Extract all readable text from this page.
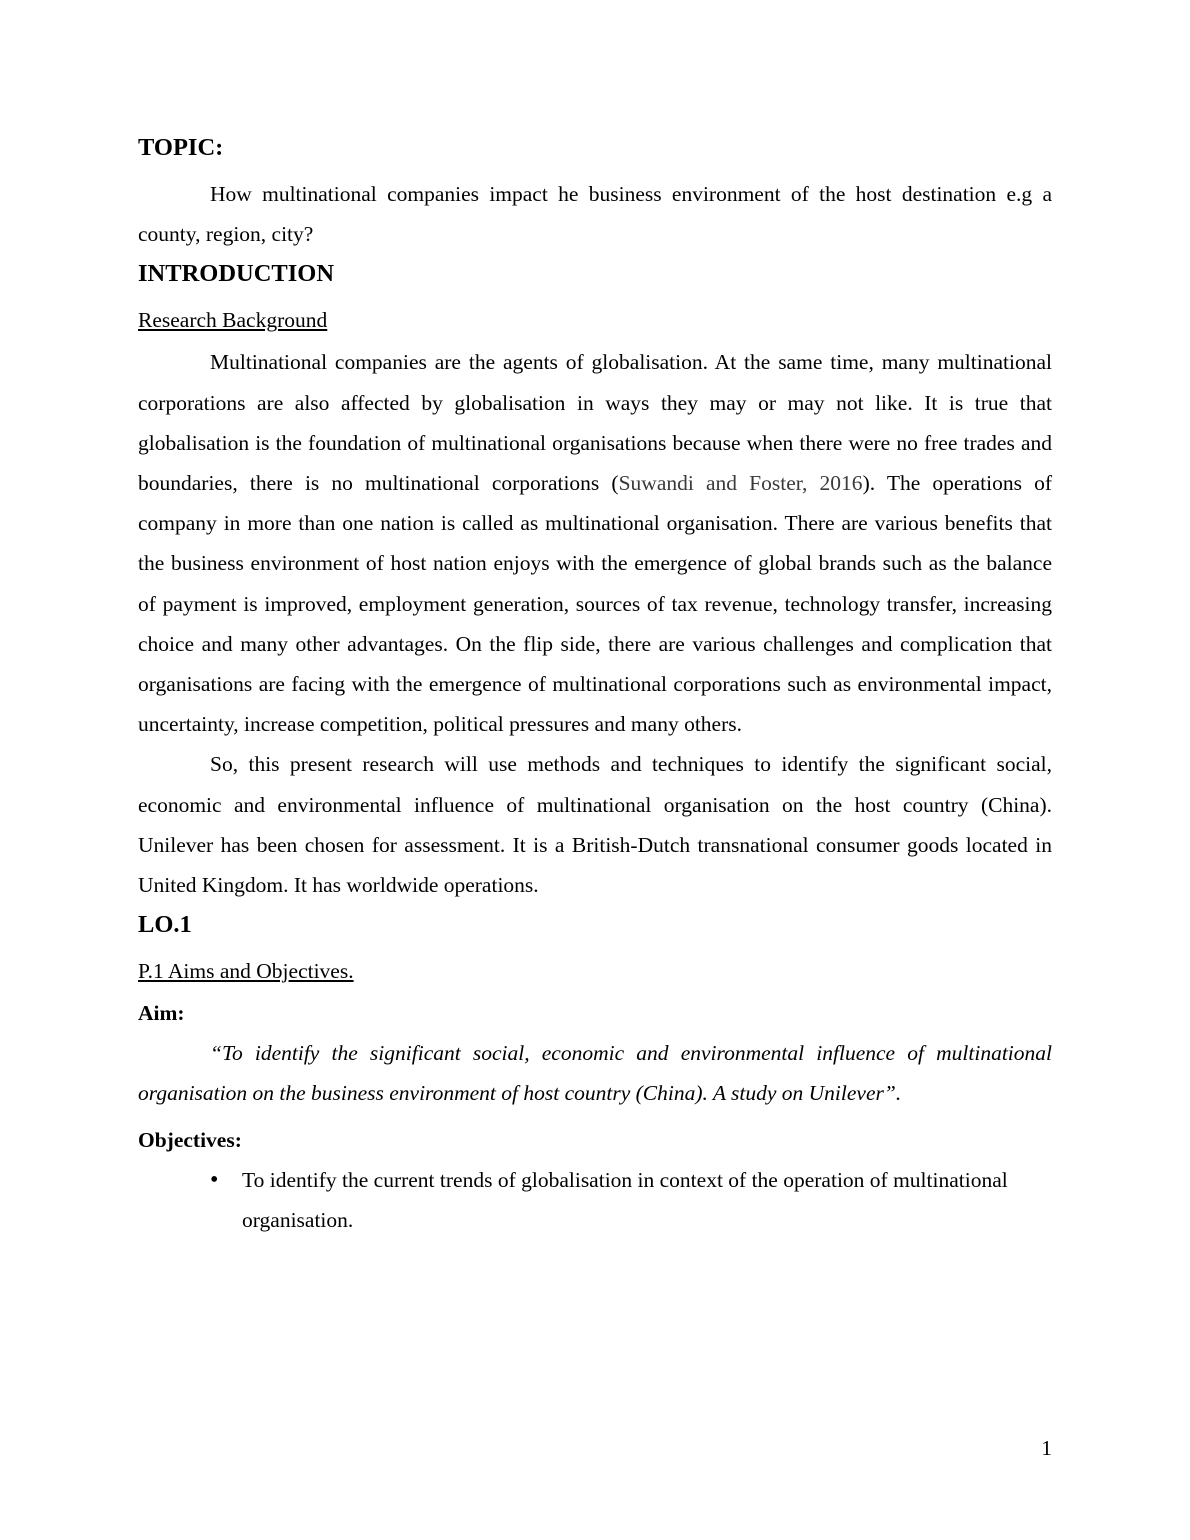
TOPIC:

How multinational companies impact he business environment of the host destination e.g a county, region, city?

INTRODUCTION
Research Background

Multinational companies are the agents of globalisation. At the same time, many multinational corporations are also affected by globalisation in ways they may or may not like. It is true that globalisation is the foundation of multinational organisations because when there were no free trades and boundaries, there is no multinational corporations (Suwandi and Foster, 2016). The operations of company in more than one nation is called as multinational organisation. There are various benefits that the business environment of host nation enjoys with the emergence of global brands such as the balance of payment is improved, employment generation, sources of tax revenue, technology transfer, increasing choice and many other advantages. On the flip side, there are various challenges and complication that organisations are facing with the emergence of multinational corporations such as environmental impact, uncertainty, increase competition, political pressures and many others.

So, this present research will use methods and techniques to identify the significant social, economic and environmental influence of multinational organisation on the host country (China). Unilever has been chosen for assessment. It is a British-Dutch transnational consumer goods located in United Kingdom. It has worldwide operations.

LO.1
P.1 Aims and Objectives.
Aim:

“To identify the significant social, economic and environmental influence of multinational organisation on the business environment of host country (China). A study on Unilever”.

Objectives:
• To identify the current trends of globalisation in context of the operation of multinational organisation.
1
